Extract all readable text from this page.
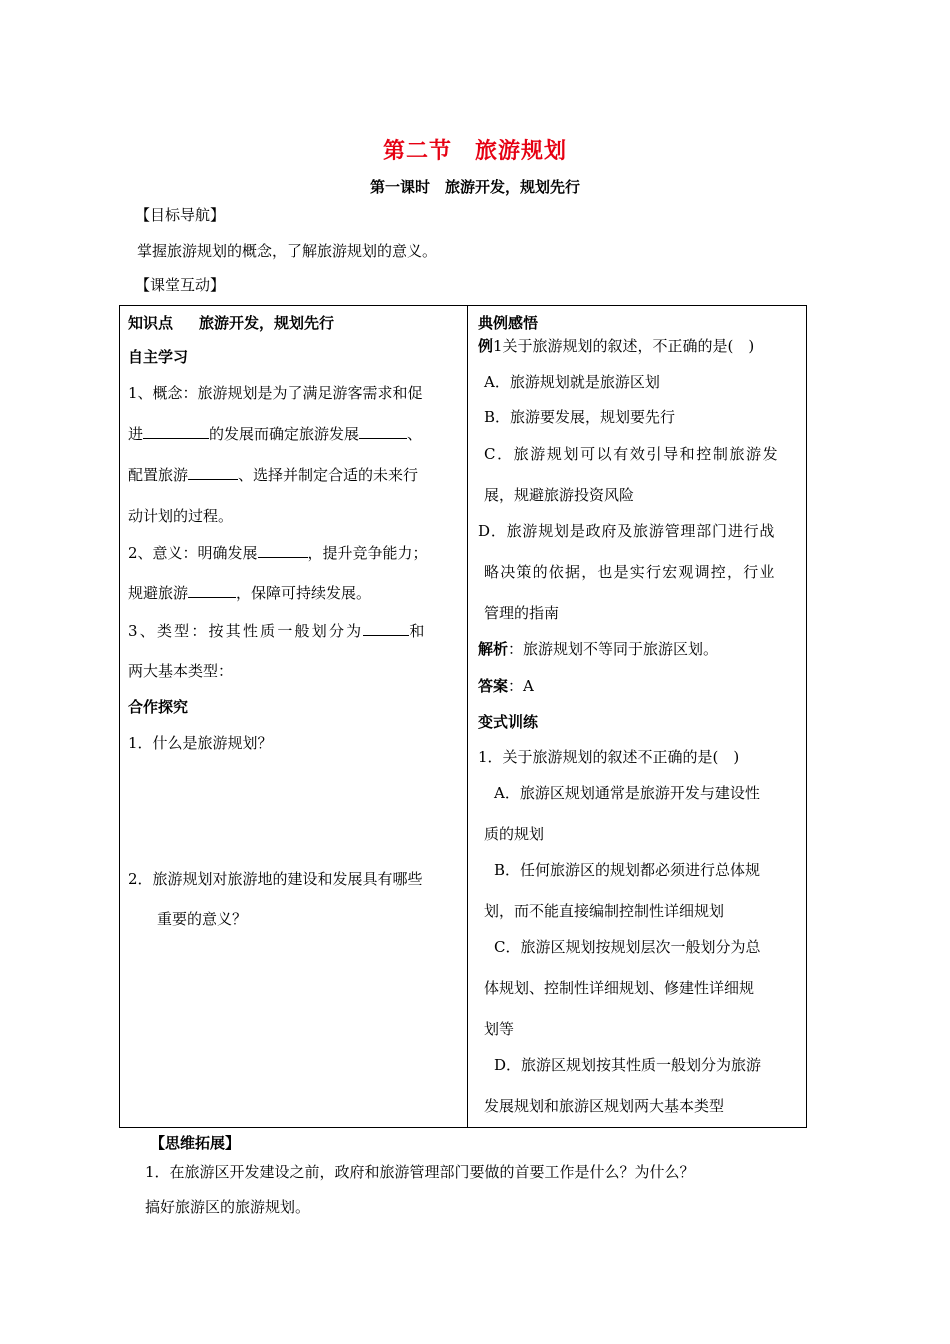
第二节　旅游规划
第一课时　旅游开发，规划先行
【目标导航】
掌握旅游规划的概念，了解旅游规划的意义。
【课堂互动】
知识点 旅游开发，规划先行
自主学习
1、概念：旅游规划是为了满足游客需求和促
进	的发展而确定旅游发展	、
配置旅游	、选择并制定合适的未来行
动计划的过程。
2、意义：明确发展	，提升竞争能力；
规避旅游	，保障可持续发展。
3、类型：按其性质一般划分为	和
两大基本类型：
合作探究
1．什么是旅游规划？
2．旅游规划对旅游地的建设和发展具有哪些
重要的意义？
典例感悟
例1关于旅游规划的叙述，不正确的是(　)
A．旅游规划就是旅游区划
B．旅游要发展，规划要先行
C．旅游规划可以有效引导和控制旅游发
展，规避旅游投资风险
D．旅游规划是政府及旅游管理部门进行战
略决策的依据，也是实行宏观调控，行业
管理的指南
解析：旅游规划不等同于旅游区划。
答案：A
变式训练
1．关于旅游规划的叙述不正确的是(　)
A．旅游区规划通常是旅游开发与建设性
质的规划
B．任何旅游区的规划都必须进行总体规
划，而不能直接编制控制性详细规划
C．旅游区规划按规划层次一般划分为总
体规划、控制性详细规划、修建性详细规
划等
D．旅游区规划按其性质一般划分为旅游
发展规划和旅游区规划两大基本类型
【思维拓展】
1．在旅游区开发建设之前，政府和旅游管理部门要做的首要工作是什么？为什么？
搞好旅游区的旅游规划。
